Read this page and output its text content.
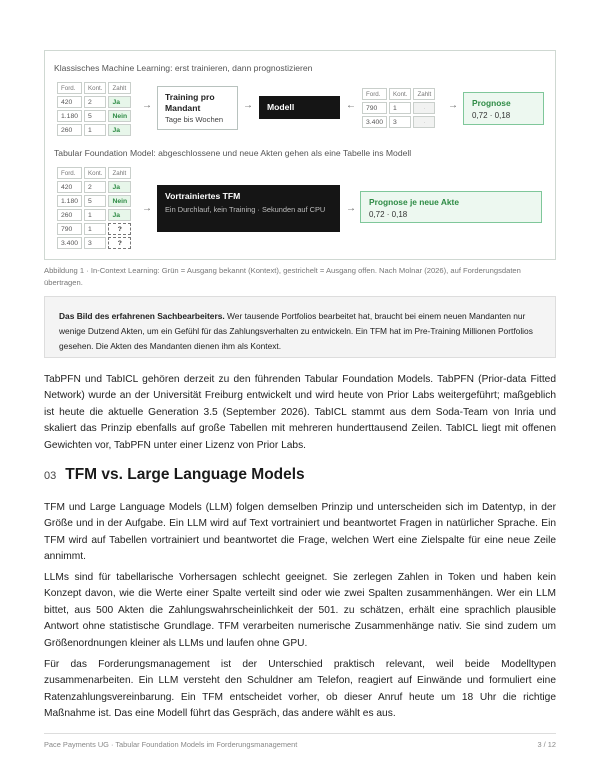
Klassisches Machine Learning: erst trainieren, dann prognostizieren
Ford.	Kont.	Zahlt
420	2	Ja
1.180	5	Nein
260	1	Ja
→
Training pro Mandant
Tage bis Wochen
→ Modell	←
Ford.	Kont.	Zahlt
790	1	·
3.400	3	·
→ Prognose
0,72 · 0,18
Tabular Foundation Model: abgeschlossene und neue Akten gehen als eine Tabelle ins Modell
Ford.	Kont.	Zahlt
420	2	Ja
1.180	5	Nein
260	1	Ja
790	1	?
3.400	3	?
→
Vortrainiertes TFM
Ein Durchlauf, kein Training · Sekunden auf CPU	→
Prognose je neue Akte
0,72 · 0,18
Abbildung 1 · In-Context Learning: Grün = Ausgang bekannt (Kontext), gestrichelt = Ausgang offen. Nach Molnar (2026), auf Forderungsdaten übertragen.
Das Bild des erfahrenen Sachbearbeiters. Wer tausende Portfolios bearbeitet hat, braucht bei einem neuen Mandanten nur wenige Dutzend Akten, um ein Gefühl für das Zahlungsverhalten zu entwickeln. Ein TFM hat im Pre-Training Millionen Portfolios gesehen. Die Akten des Mandanten dienen ihm als Kontext.

TabPFN und TabICL gehören derzeit zu den führenden Tabular Foundation Models. TabPFN (Prior-data Fitted Network) wurde an der Universität Freiburg entwickelt und wird heute von Prior Labs weitergeführt; maßgeblich ist heute die aktuelle Generation 3.5 (September 2026). TabICL stammt aus dem Soda-Team von Inria und skaliert das Prinzip ebenfalls auf große Tabellen mit mehreren hunderttausend Zeilen. TabICL liegt mit offenen Gewichten vor, TabPFN unter einer Lizenz von Prior Labs.

03 TFM vs. Large Language Models

TFM und Large Language Models (LLM) folgen demselben Prinzip und unterscheiden sich im Datentyp, in der Größe und in der Aufgabe. Ein LLM wird auf Text vortrainiert und beantwortet Fragen in natürlicher Sprache. Ein TFM wird auf Tabellen vortrainiert und beantwortet die Frage, welchen Wert eine Zielspalte für eine neue Zeile annimmt.

LLMs sind für tabellarische Vorhersagen schlecht geeignet. Sie zerlegen Zahlen in Token und haben kein Konzept davon, wie die Werte einer Spalte verteilt sind oder wie zwei Spalten zusammenhängen. Wer ein LLM bittet, aus 500 Akten die Zahlungswahrscheinlichkeit der 501. zu schätzen, erhält eine sprachlich plausible Antwort ohne statistische Grundlage. TFM verarbeiten numerische Zusammenhänge nativ. Sie sind zudem um Größenordnungen kleiner als LLMs und laufen ohne GPU.

Für das Forderungsmanagement ist der Unterschied praktisch relevant, weil beide Modelltypen zusammenarbeiten. Ein LLM versteht den Schuldner am Telefon, reagiert auf Einwände und formuliert eine Ratenzahlungsvereinbarung. Ein TFM entscheidet vorher, ob dieser Anruf heute um 18 Uhr die richtige Maßnahme ist. Das eine Modell führt das Gespräch, das andere wählt es aus.

Pace Payments UG · Tabular Foundation Models im Forderungsmanagement	3 / 12
